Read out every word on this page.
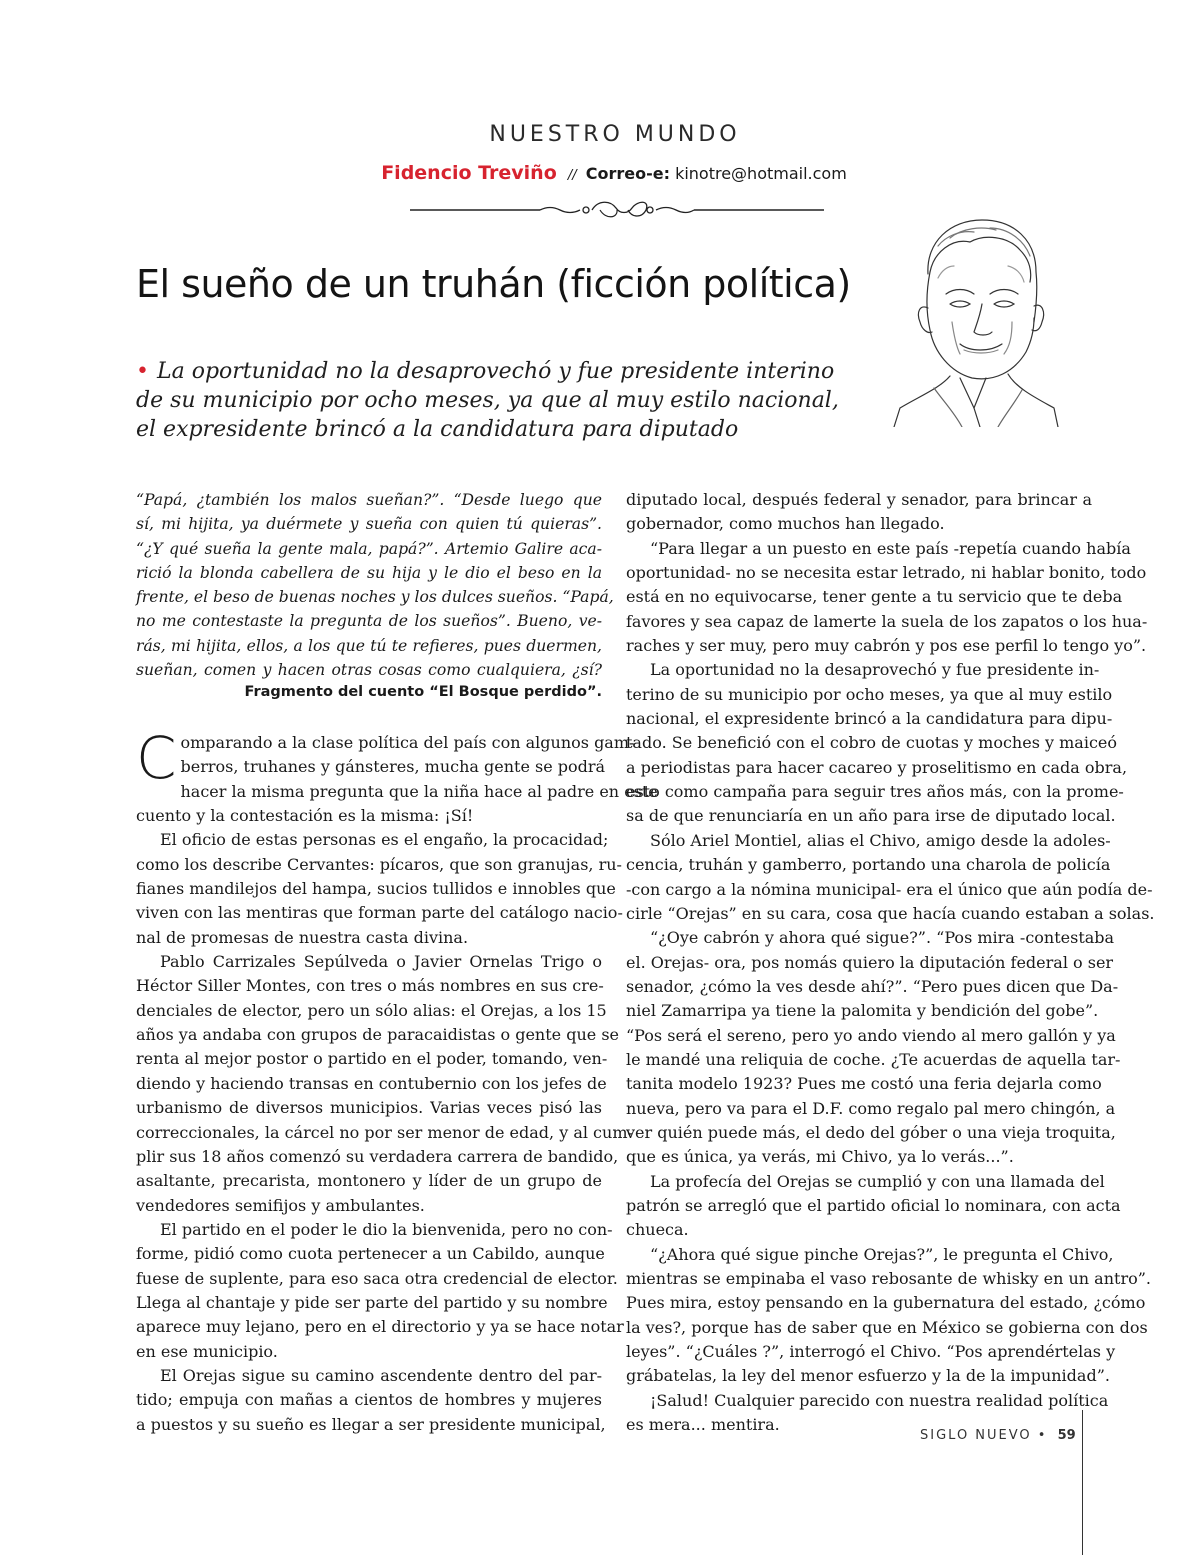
NUESTRO MUNDO
Fidencio Treviño // Correo-e: kinotre@hotmail.com
El sueño de un truhán (ficción política)
• La oportunidad no la desaprovechó y fue presidente interino
de su municipio por ocho meses, ya que al muy estilo nacional,
el expresidente brincó a la candidatura para diputado
“Papá, ¿también los malos sueñan?”. “Desde luego que
sí, mi hijita, ya duérmete y sueña con quien tú quieras”.
“¿Y qué sueña la gente mala, papá?”. Artemio Galire aca-
rició la blonda cabellera de su hija y le dio el beso en la
frente, el beso de buenas noches y los dulces sueños. “Papá,
no me contestaste la pregunta de los sueños”. Bueno, ve-
rás, mi hijita, ellos, a los que tú te refieres, pues duermen,
sueñan, comen y hacen otras cosas como cualquiera, ¿sí?
Fragmento del cuento “El Bosque perdido”.
C omparando a la clase política del país con algunos gam-
berros, truhanes y gánsteres, mucha gente se podrá
hacer la misma pregunta que la niña hace al padre en este
cuento y la contestación es la misma: ¡Sí!
El oficio de estas personas es el engaño, la procacidad;
como los describe Cervantes: pícaros, que son granujas, ru-
fianes mandilejos del hampa, sucios tullidos e innobles que
viven con las mentiras que forman parte del catálogo nacio-
nal de promesas de nuestra casta divina.
Pablo Carrizales Sepúlveda o Javier Ornelas Trigo o
Héctor Siller Montes, con tres o más nombres en sus cre-
denciales de elector, pero un sólo alias: el Orejas, a los 15
años ya andaba con grupos de paracaidistas o gente que se
renta al mejor postor o partido en el poder, tomando, ven-
diendo y haciendo transas en contubernio con los jefes de
urbanismo de diversos municipios. Varias veces pisó las
correccionales, la cárcel no por ser menor de edad, y al cum-
plir sus 18 años comenzó su verdadera carrera de bandido,
asaltante, precarista, montonero y líder de un grupo de
vendedores semifijos y ambulantes.
El partido en el poder le dio la bienvenida, pero no con-
forme, pidió como cuota pertenecer a un Cabildo, aunque
fuese de suplente, para eso saca otra credencial de elector.
Llega al chantaje y pide ser parte del partido y su nombre
aparece muy lejano, pero en el directorio y ya se hace notar
en ese municipio.
El Orejas sigue su camino ascendente dentro del par-
tido; empuja con mañas a cientos de hombres y mujeres
a puestos y su sueño es llegar a ser presidente municipal,
diputado local, después federal y senador, para brincar a
gobernador, como muchos han llegado.
“Para llegar a un puesto en este país -repetía cuando había
oportunidad- no se necesita estar letrado, ni hablar bonito, todo
está en no equivocarse, tener gente a tu servicio que te deba
favores y sea capaz de lamerte la suela de los zapatos o los hua-
raches y ser muy, pero muy cabrón y pos ese perfil lo tengo yo”.
La oportunidad no la desaprovechó y fue presidente in-
terino de su municipio por ocho meses, ya que al muy estilo
nacional, el expresidente brincó a la candidatura para dipu-
tado. Se benefició con el cobro de cuotas y moches y maiceó
a periodistas para hacer cacareo y proselitismo en cada obra,
esto como campaña para seguir tres años más, con la prome-
sa de que renunciaría en un año para irse de diputado local.
Sólo Ariel Montiel, alias el Chivo, amigo desde la adoles-
cencia, truhán y gamberro, portando una charola de policía
-con cargo a la nómina municipal- era el único que aún podía de-
cirle “Orejas” en su cara, cosa que hacía cuando estaban a solas.
“¿Oye cabrón y ahora qué sigue?”. “Pos mira -contestaba
el. Orejas- ora, pos nomás quiero la diputación federal o ser
senador, ¿cómo la ves desde ahí?”. “Pero pues dicen que Da-
niel Zamarripa ya tiene la palomita y bendición del gobe”.
“Pos será el sereno, pero yo ando viendo al mero gallón y ya
le mandé una reliquia de coche. ¿Te acuerdas de aquella tar-
tanita modelo 1923? Pues me costó una feria dejarla como
nueva, pero va para el D.F. como regalo pal mero chingón, a
ver quién puede más, el dedo del góber o una vieja troquita,
que es única, ya verás, mi Chivo, ya lo verás...”.
La profecía del Orejas se cumplió y con una llamada del
patrón se arregló que el partido oficial lo nominara, con acta
chueca.
“¿Ahora qué sigue pinche Orejas?”, le pregunta el Chivo,
mientras se empinaba el vaso rebosante de whisky en un antro”.
Pues mira, estoy pensando en la gubernatura del estado, ¿cómo
la ves?, porque has de saber que en México se gobierna con dos
leyes”. “¿Cuáles ?”, interrogó el Chivo. “Pos aprendértelas y
grábatelas, la ley del menor esfuerzo y la de la impunidad”.
¡Salud! Cualquier parecido con nuestra realidad política
es mera... mentira.
SIGLO NUEVO • 59
